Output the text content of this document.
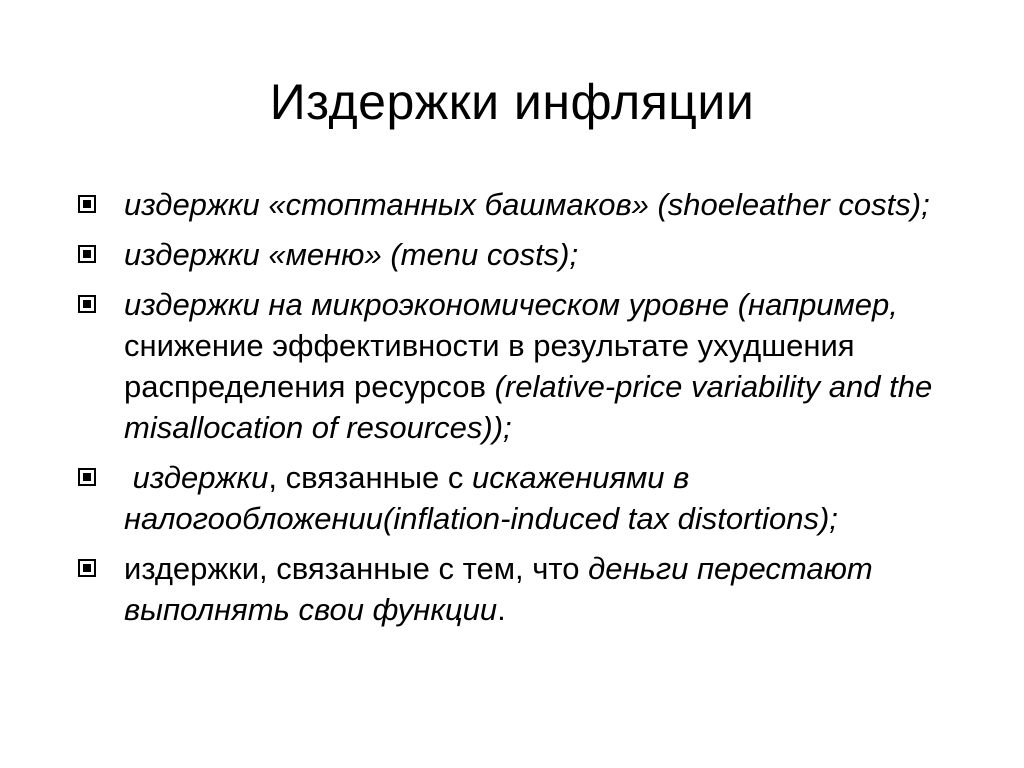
Издержки инфляции
издержки «стоптанных башмаков» (shoeleather costs);
издержки «меню» (menu costs);
издержки на микроэкономическом уровне (например, снижение эффективности в результате ухудшения распределения ресурсов (relative-price variability and the misallocation of resources));
издержки, связанные с искажениями в налогообложении(inflation-induced tax distortions);
издержки, связанные с тем, что деньги перестают выполнять свои функции.
